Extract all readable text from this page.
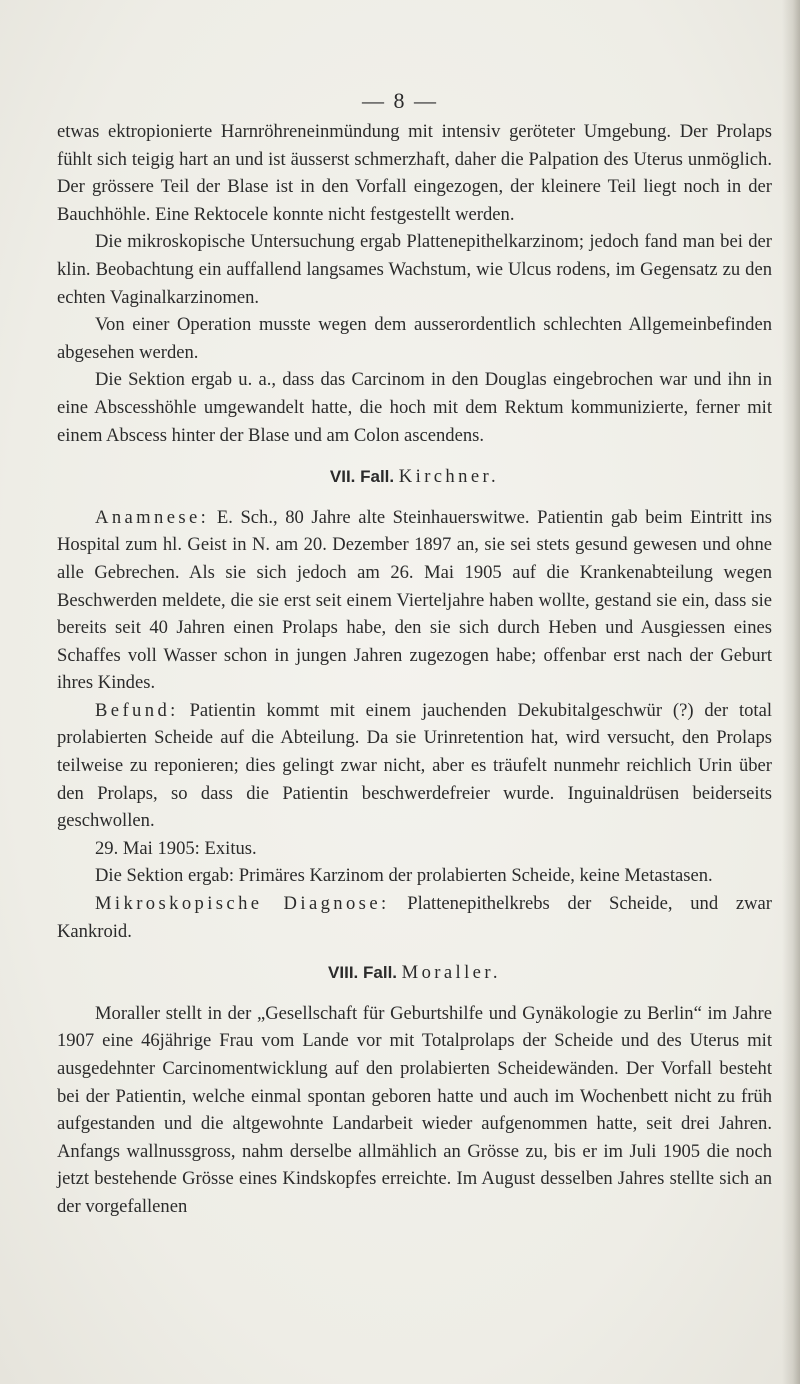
— 8 —

etwas ektropionierte Harnröhreneinmündung mit intensiv geröteter Umgebung. Der Prolaps fühlt sich teigig hart an und ist äusserst schmerzhaft, daher die Palpation des Uterus unmöglich. Der grössere Teil der Blase ist in den Vorfall eingezogen, der kleinere Teil liegt noch in der Bauchhöhle. Eine Rektocele konnte nicht festgestellt werden.

Die mikroskopische Untersuchung ergab Plattenepithelkarzinom; jedoch fand man bei der klin. Beobachtung ein auffallend langsames Wachstum, wie Ulcus rodens, im Gegensatz zu den echten Vaginalkarzinomen.

Von einer Operation musste wegen dem ausserordentlich schlechten Allgemeinbefinden abgesehen werden.

Die Sektion ergab u. a., dass das Carcinom in den Douglas eingebrochen war und ihn in eine Abscesshöhle umgewandelt hatte, die hoch mit dem Rektum kommunizierte, ferner mit einem Abscess hinter der Blase und am Colon ascendens.

VII. Fall. Kirchner.

Anamnese: E. Sch., 80 Jahre alte Steinhauerswitwe. Patientin gab beim Eintritt ins Hospital zum hl. Geist in N. am 20. Dezember 1897 an, sie sei stets gesund gewesen und ohne alle Gebrechen. Als sie sich jedoch am 26. Mai 1905 auf die Krankenabteilung wegen Beschwerden meldete, die sie erst seit einem Vierteljahre haben wollte, gestand sie ein, dass sie bereits seit 40 Jahren einen Prolaps habe, den sie sich durch Heben und Ausgiessen eines Schaffes voll Wasser schon in jungen Jahren zugezogen habe; offenbar erst nach der Geburt ihres Kindes.

Befund: Patientin kommt mit einem jauchenden Dekubitalgeschwür (?) der total prolabierten Scheide auf die Abteilung. Da sie Urinretention hat, wird versucht, den Prolaps teilweise zu reponieren; dies gelingt zwar nicht, aber es träufelt nunmehr reichlich Urin über den Prolaps, so dass die Patientin beschwerdefreier wurde. Inguinaldrüsen beiderseits geschwollen.

29. Mai 1905: Exitus.

Die Sektion ergab: Primäres Karzinom der prolabierten Scheide, keine Metastasen.

Mikroskopische Diagnose: Plattenepithelkrebs der Scheide, und zwar Kankroid.

VIII. Fall. Moraller.

Moraller stellt in der „Gesellschaft für Geburtshilfe und Gynäkologie zu Berlin“ im Jahre 1907 eine 46jährige Frau vom Lande vor mit Totalprolaps der Scheide und des Uterus mit ausgedehnter Carcinomentwicklung auf den prolabierten Scheidewänden. Der Vorfall besteht bei der Patientin, welche einmal spontan geboren hatte und auch im Wochenbett nicht zu früh aufgestanden und die altgewohnte Landarbeit wieder aufgenommen hatte, seit drei Jahren. Anfangs wallnussgross, nahm derselbe allmählich an Grösse zu, bis er im Juli 1905 die noch jetzt bestehende Grösse eines Kindskopfes erreichte. Im August desselben Jahres stellte sich an der vorgefallenen
